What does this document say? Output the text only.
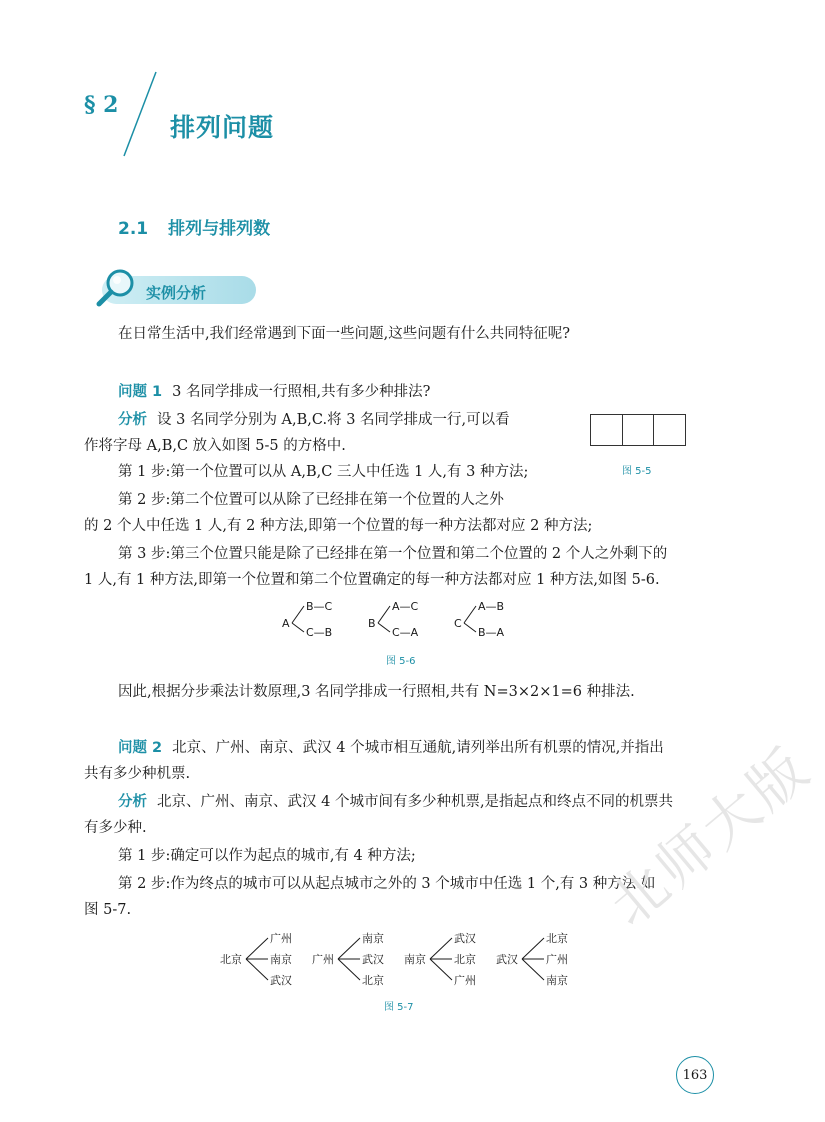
§ 2
排列问题
2.1 排列与排列数
实例分析
在日常生活中,我们经常遇到下面一些问题,这些问题有什么共同特征呢?
问题 1 3 名同学排成一行照相,共有多少种排法?
分析 设 3 名同学分别为 A,B,C.将 3 名同学排成一行,可以看
作将字母 A,B,C 放入如图 5-5 的方格中.
图 5-5
第 1 步:第一个位置可以从 A,B,C 三人中任选 1 人,有 3 种方法;
第 2 步:第二个位置可以从除了已经排在第一个位置的人之外
的 2 个人中任选 1 人,有 2 种方法,即第一个位置的每一种方法都对应 2 种方法;
第 3 步:第三个位置只能是除了已经排在第一个位置和第二个位置的 2 个人之外剩下的
1 人,有 1 种方法,即第一个位置和第二个位置确定的每一种方法都对应 1 种方法,如图 5-6.
A
B—C
C—B
B
A—C
C—A
C
A—B
B—A
图 5-6
因此,根据分步乘法计数原理,3 名同学排成一行照相,共有 N=3×2×1=6 种排法.
问题 2 北京、广州、南京、武汉 4 个城市相互通航,请列举出所有机票的情况,并指出
共有多少种机票.
分析 北京、广州、南京、武汉 4 个城市间有多少种机票,是指起点和终点不同的机票共
有多少种.
第 1 步:确定可以作为起点的城市,有 4 种方法;
第 2 步:作为终点的城市可以从起点城市之外的 3 个城市中任选 1 个,有 3 种方法.如
图 5-7.
北京
广州
南京
武汉
广州
南京
武汉
北京
南京
武汉
北京
广州
武汉
北京
广州
南京
图 5-7
北师大版
163
